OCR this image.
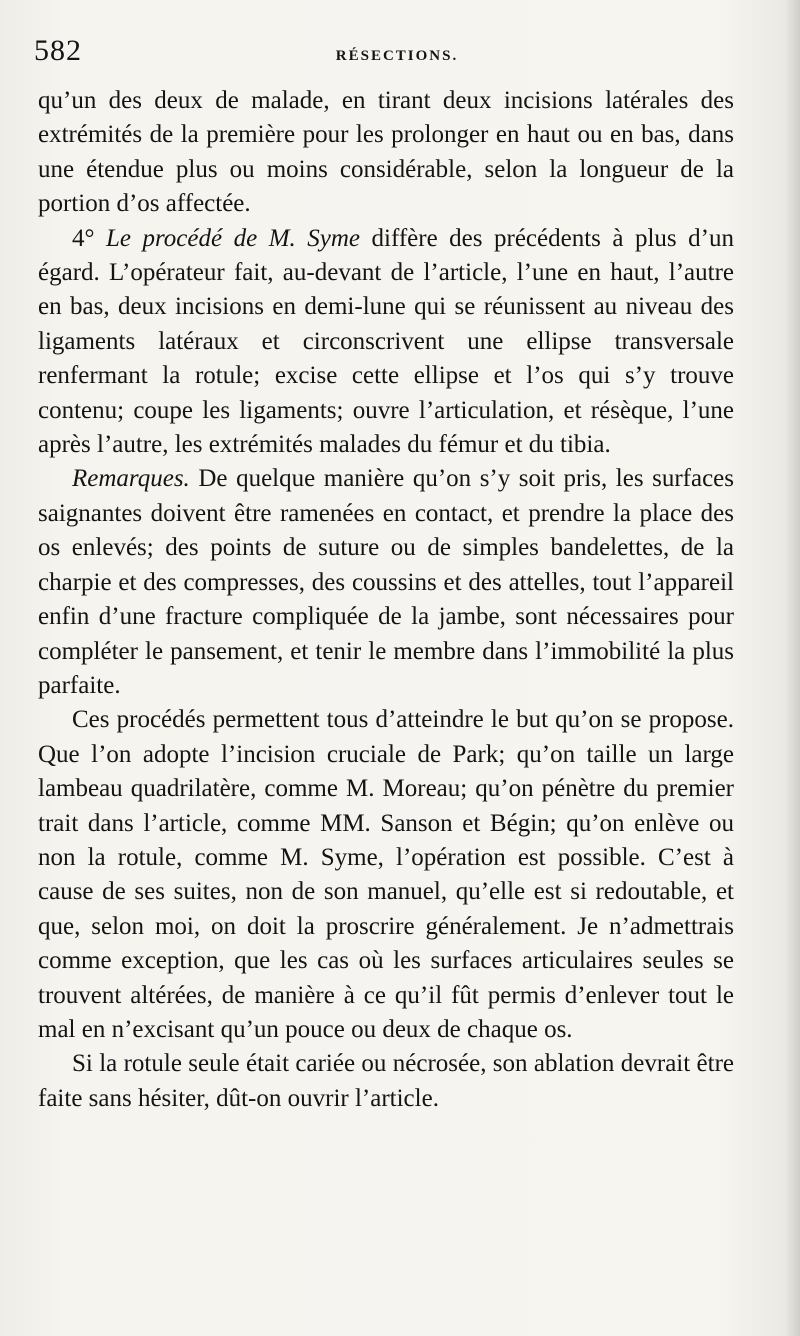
582	RÉSECTIONS.

qu’un des deux de malade, en tirant deux incisions latérales des extrémités de la première pour les prolonger en haut ou en bas, dans une étendue plus ou moins considérable, selon la longueur de la portion d’os affectée.

4° Le procédé de M. Syme diffère des précédents à plus d’un égard. L’opérateur fait, au-devant de l’article, l’une en haut, l’autre en bas, deux incisions en demi-lune qui se réunissent au niveau des ligaments latéraux et circonscrivent une ellipse transversale renfermant la rotule; excise cette ellipse et l’os qui s’y trouve contenu; coupe les ligaments; ouvre l’articulation, et résèque, l’une après l’autre, les extrémités malades du fémur et du tibia.

Remarques. De quelque manière qu’on s’y soit pris, les surfaces saignantes doivent être ramenées en contact, et prendre la place des os enlevés; des points de suture ou de simples bandelettes, de la charpie et des compresses, des coussins et des attelles, tout l’appareil enfin d’une fracture compliquée de la jambe, sont nécessaires pour compléter le pansement, et tenir le membre dans l’immobilité la plus parfaite.

Ces procédés permettent tous d’atteindre le but qu’on se propose. Que l’on adopte l’incision cruciale de Park; qu’on taille un large lambeau quadrilatère, comme M. Moreau; qu’on pénètre du premier trait dans l’article, comme MM. Sanson et Bégin; qu’on enlève ou non la rotule, comme M. Syme, l’opération est possible. C’est à cause de ses suites, non de son manuel, qu’elle est si redoutable, et que, selon moi, on doit la proscrire généralement. Je n’admettrais comme exception, que les cas où les surfaces articulaires seules se trouvent altérées, de manière à ce qu’il fût permis d’enlever tout le mal en n’excisant qu’un pouce ou deux de chaque os.

Si la rotule seule était cariée ou nécrosée, son ablation devrait être faite sans hésiter, dût-on ouvrir l’article.
